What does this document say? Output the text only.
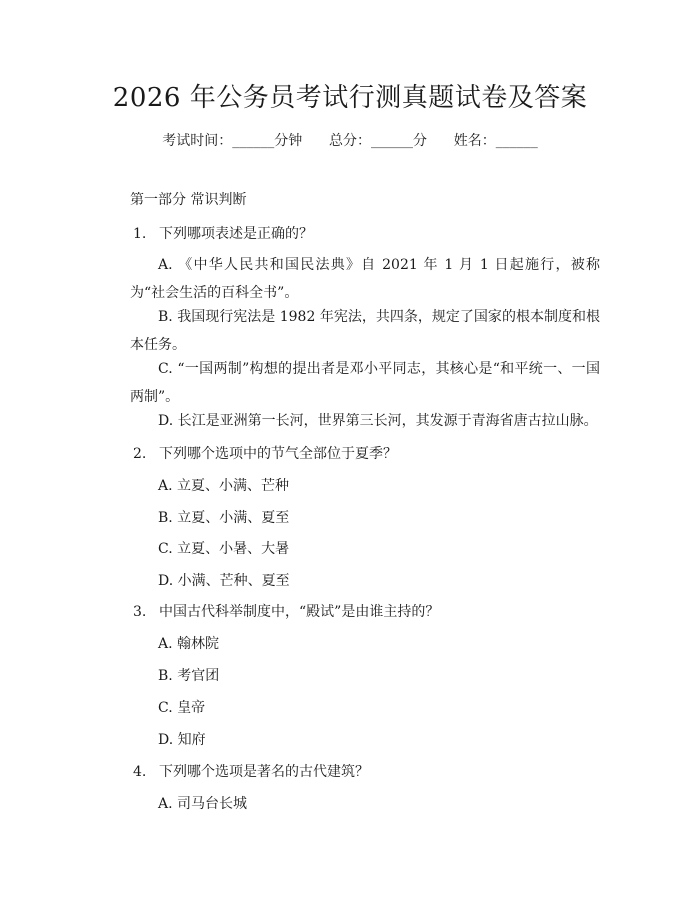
2026 年公务员考试行测真题试卷及答案
考试时间：______分钟 总分：______分 姓名：______
第一部分 常识判断
1. 下列哪项表述是正确的？
A. 《中华人民共和国民法典》自 2021 年 1 月 1 日起施行，被称为“社会生活的百科全书”。
B. 我国现行宪法是 1982 年宪法，共四条，规定了国家的根本制度和根本任务。
C. “一国两制”构想的提出者是邓小平同志，其核心是“和平统一、一国两制”。
D. 长江是亚洲第一长河，世界第三长河，其发源于青海省唐古拉山脉。
2. 下列哪个选项中的节气全部位于夏季？
A. 立夏、小满、芒种
B. 立夏、小满、夏至
C. 立夏、小暑、大暑
D. 小满、芒种、夏至
3. 中国古代科举制度中，“殿试”是由谁主持的？
A. 翰林院
B. 考官团
C. 皇帝
D. 知府
4. 下列哪个选项是著名的古代建筑？
A. 司马台长城
